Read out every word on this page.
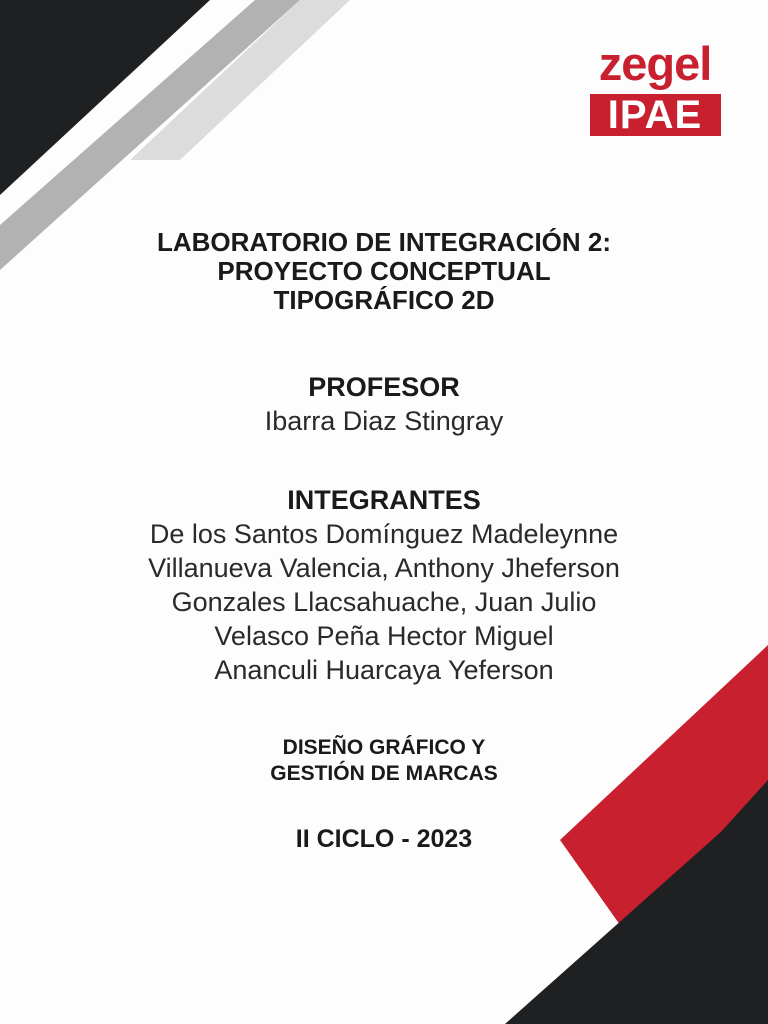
zegel
IPAE
LABORATORIO DE INTEGRACIÓN 2:
PROYECTO CONCEPTUAL
TIPOGRÁFICO 2D
PROFESOR
Ibarra Diaz Stingray
INTEGRANTES
De los Santos Domínguez Madeleynne
Villanueva Valencia, Anthony Jheferson
Gonzales Llacsahuache, Juan Julio
Velasco Peña Hector Miguel
Ananculi Huarcaya Yeferson
DISEÑO GRÁFICO Y
GESTIÓN DE MARCAS
II CICLO - 2023
